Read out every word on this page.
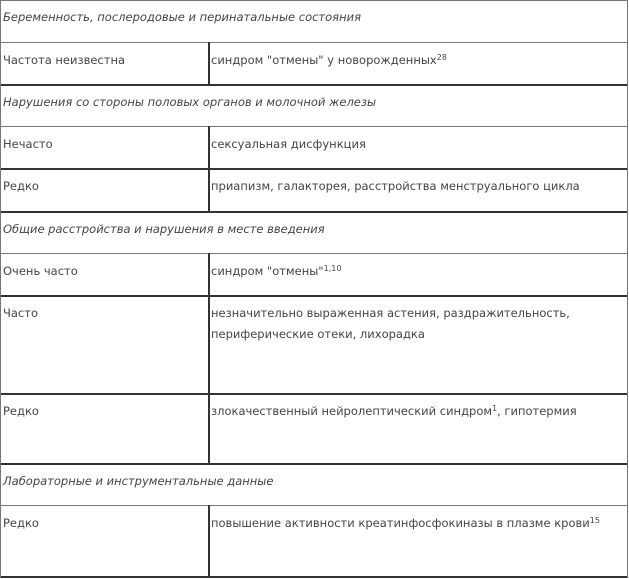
Беременность, послеродовые и перинатальные состояния
Частота неизвестна	синдром "отмены" у новорожденных$^{28}$
Нарушения со стороны половых органов и молочной железы
Нечасто	сексуальная дисфункция
Редко	приапизм, галакторея, расстройства менструального цикла
Общие расстройства и нарушения в месте введения
Очень часто	синдром "отмены"$^{1,10}$
Часто	незначительно выраженная астения, раздражительность, периферические отеки, лихорадка
Редко	злокачественный нейролептический синдром$^1$, гипотермия
Лабораторные и инструментальные данные
Редко	повышение активности креатинфосфокиназы в плазме крови$^{15}$
